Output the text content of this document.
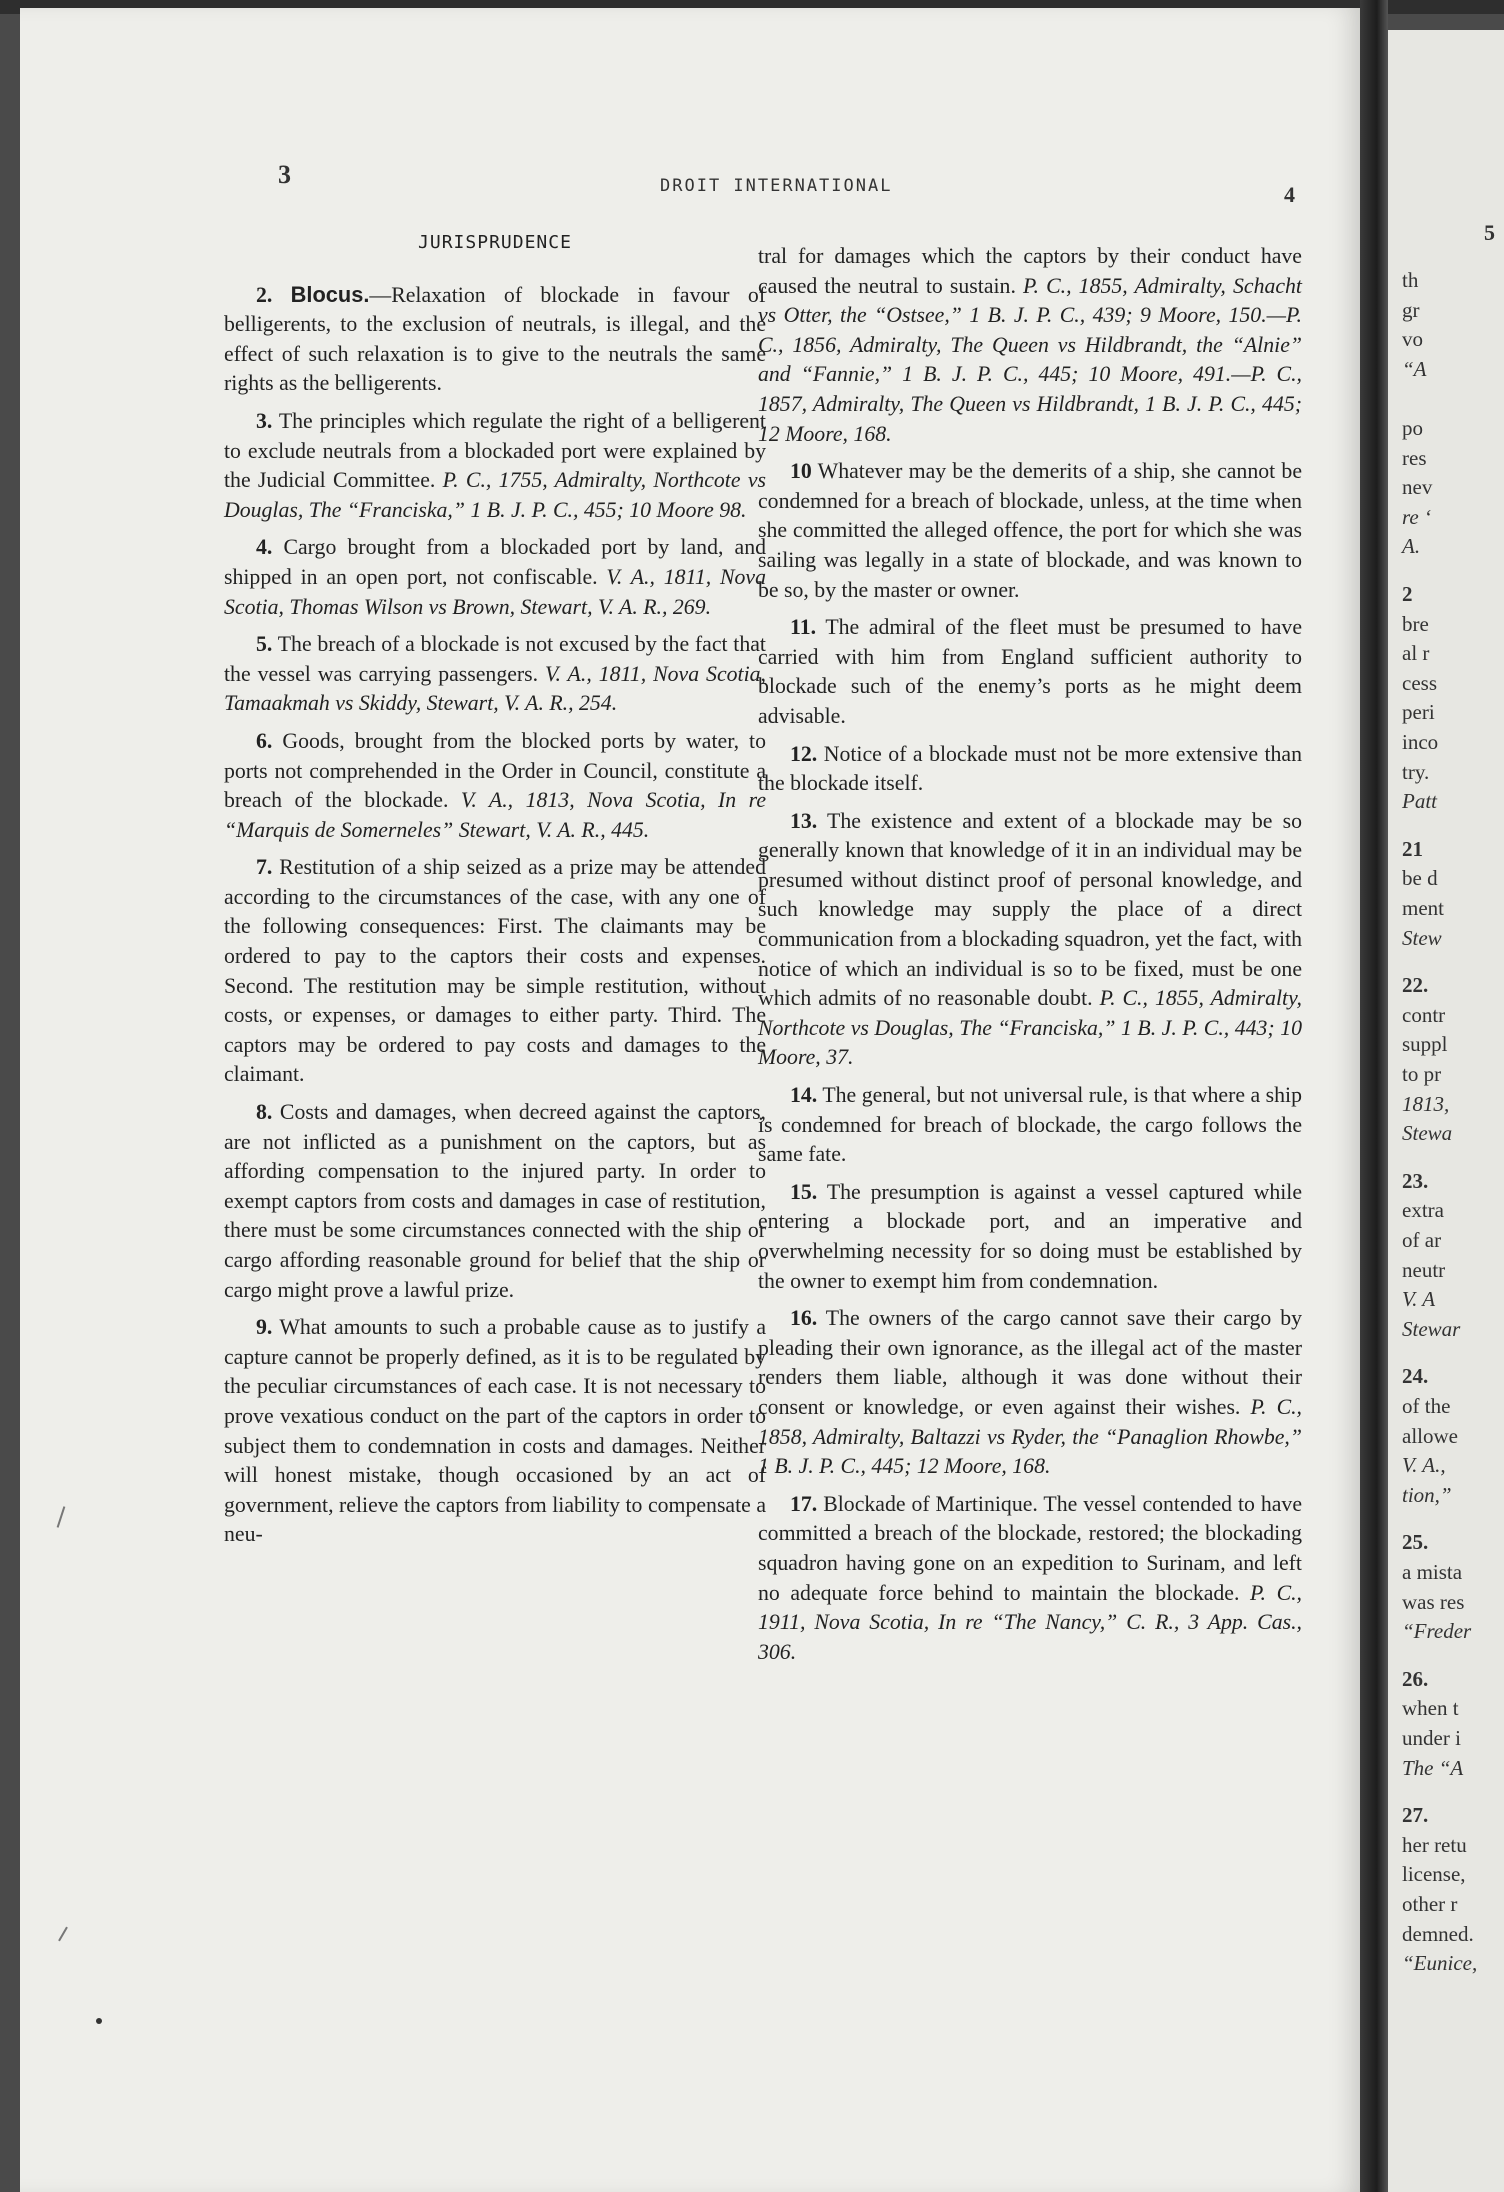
5
th
gr
vo
“A
po
res
nev
re ‘
A.
2
bre
al r
cess
peri
inco
try.
Patt
21
be d
ment
Stew
22.
contr
suppl
to pr
1813,
Stewa
23.
extra
of ar
neutr
V. A
Stewar
24.
of the
allowe
V. A.,
tion,”
25.
a mista
was res
“Freder
26.
when t
under i
The “A
27.
her retu
license,
other r
demned.
“Eunice,
3	DROIT INTERNATIONAL	4
JURISPRUDENCE

2. Blocus.—Relaxation of blockade in favour of belligerents, to the exclusion of neutrals, is illegal, and the effect of such relaxation is to give to the neutrals the same rights as the belligerents.

3. The principles which regulate the right of a belligerent to exclude neutrals from a blockaded port were explained by the Judicial Committee. P. C., 1755, Admiralty, Northcote vs Douglas, The “Franciska,” 1 B. J. P. C., 455; 10 Moore 98.

4. Cargo brought from a blockaded port by land, and shipped in an open port, not confiscable. V. A., 1811, Nova Scotia, Thomas Wilson vs Brown, Stewart, V. A. R., 269.

5. The breach of a blockade is not excused by the fact that the vessel was carrying passengers. V. A., 1811, Nova Scotia, Tamaakmah vs Skiddy, Stewart, V. A. R., 254.

6. Goods, brought from the blocked ports by water, to ports not comprehended in the Order in Council, constitute a breach of the blockade. V. A., 1813, Nova Scotia, In re “Marquis de Somerneles” Stewart, V. A. R., 445.

7. Restitution of a ship seized as a prize may be attended according to the circumstances of the case, with any one of the following consequences: First. The claimants may be ordered to pay to the captors their costs and expenses. Second. The restitution may be simple restitution, without costs, or expenses, or damages to either party. Third. The captors may be ordered to pay costs and damages to the claimant.

8. Costs and damages, when decreed against the captors, are not inflicted as a punishment on the captors, but as affording compensation to the injured party. In order to exempt captors from costs and damages in case of restitution, there must be some circumstances connected with the ship or cargo affording reasonable ground for belief that the ship or cargo might prove a lawful prize.

9. What amounts to such a probable cause as to justify a capture cannot be properly defined, as it is to be regulated by the peculiar circumstances of each case. It is not necessary to prove vexatious conduct on the part of the captors in order to subject them to condemnation in costs and damages. Neither will honest mistake, though occasioned by an act of government, relieve the captors from liability to compensate a neu-

tral for damages which the captors by their conduct have caused the neutral to sustain. P. C., 1855, Admiralty, Schacht vs Otter, the “Ostsee,” 1 B. J. P. C., 439; 9 Moore, 150.—P. C., 1856, Admiralty, The Queen vs Hildbrandt, the “Alnie” and “Fannie,” 1 B. J. P. C., 445; 10 Moore, 491.—P. C., 1857, Admiralty, The Queen vs Hildbrandt, 1 B. J. P. C., 445; 12 Moore, 168.

10 Whatever may be the demerits of a ship, she cannot be condemned for a breach of blockade, unless, at the time when she committed the alleged offence, the port for which she was sailing was legally in a state of blockade, and was known to be so, by the master or owner.

11. The admiral of the fleet must be presumed to have carried with him from England sufficient authority to blockade such of the enemy’s ports as he might deem advisable.

12. Notice of a blockade must not be more extensive than the blockade itself.

13. The existence and extent of a blockade may be so generally known that knowledge of it in an individual may be presumed without distinct proof of personal knowledge, and such knowledge may supply the place of a direct communication from a blockading squadron, yet the fact, with notice of which an individual is so to be fixed, must be one which admits of no reasonable doubt. P. C., 1855, Admiralty, Northcote vs Douglas, The “Franciska,” 1 B. J. P. C., 443; 10 Moore, 37.

14. The general, but not universal rule, is that where a ship is condemned for breach of blockade, the cargo follows the same fate.

15. The presumption is against a vessel captured while entering a blockade port, and an imperative and overwhelming necessity for so doing must be established by the owner to exempt him from condemnation.

16. The owners of the cargo cannot save their cargo by pleading their own ignorance, as the illegal act of the master renders them liable, although it was done without their consent or knowledge, or even against their wishes. P. C., 1858, Admiralty, Baltazzi vs Ryder, the “Panaglion Rhowbe,” 1 B. J. P. C., 445; 12 Moore, 168.

17. Blockade of Martinique. The vessel contended to have committed a breach of the blockade, restored; the blockading squadron having gone on an expedition to Surinam, and left no adequate force behind to maintain the blockade. P. C., 1911, Nova Scotia, In re “The Nancy,” C. R., 3 App. Cas., 306.
